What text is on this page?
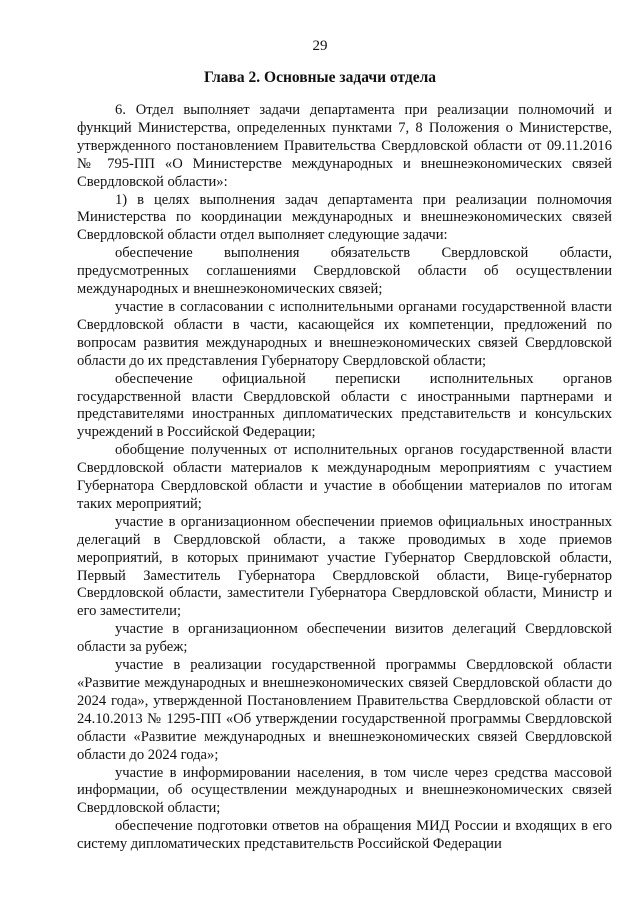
29
Глава 2. Основные задачи отдела

6. Отдел выполняет задачи департамента при реализации полномочий и функций Министерства, определенных пунктами 7, 8 Положения о Министерстве, утвержденного постановлением Правительства Свердловской области от 09.11.2016 № 795-ПП «О Министерстве международных и внешнеэкономических связей Свердловской области»:

1) в целях выполнения задач департамента при реализации полномочия Министерства по координации международных и внешнеэкономических связей Свердловской области отдел выполняет следующие задачи:

обеспечение выполнения обязательств Свердловской области, предусмотренных соглашениями Свердловской области об осуществлении международных и внешнеэкономических связей;

участие в согласовании с исполнительными органами государственной власти Свердловской области в части, касающейся их компетенции, предложений по вопросам развития международных и внешнеэкономических связей Свердловской области до их представления Губернатору Свердловской области;

обеспечение официальной переписки исполнительных органов государственной власти Свердловской области с иностранными партнерами и представителями иностранных дипломатических представительств и консульских учреждений в Российской Федерации;

обобщение полученных от исполнительных органов государственной власти Свердловской области материалов к международным мероприятиям с участием Губернатора Свердловской области и участие в обобщении материалов по итогам таких мероприятий;

участие в организационном обеспечении приемов официальных иностранных делегаций в Свердловской области, а также проводимых в ходе приемов мероприятий, в которых принимают участие Губернатор Свердловской области, Первый Заместитель Губернатора Свердловской области, Вице-губернатор Свердловской области, заместители Губернатора Свердловской области, Министр и его заместители;

участие в организационном обеспечении визитов делегаций Свердловской области за рубеж;

участие в реализации государственной программы Свердловской области «Развитие международных и внешнеэкономических связей Свердловской области до 2024 года», утвержденной Постановлением Правительства Свердловской области от 24.10.2013 № 1295-ПП «Об утверждении государственной программы Свердловской области «Развитие международных и внешнеэкономических связей Свердловской области до 2024 года»;

участие в информировании населения, в том числе через средства массовой информации, об осуществлении международных и внешнеэкономических связей Свердловской области;

обеспечение подготовки ответов на обращения МИД России и входящих в его систему дипломатических представительств Российской Федерации
